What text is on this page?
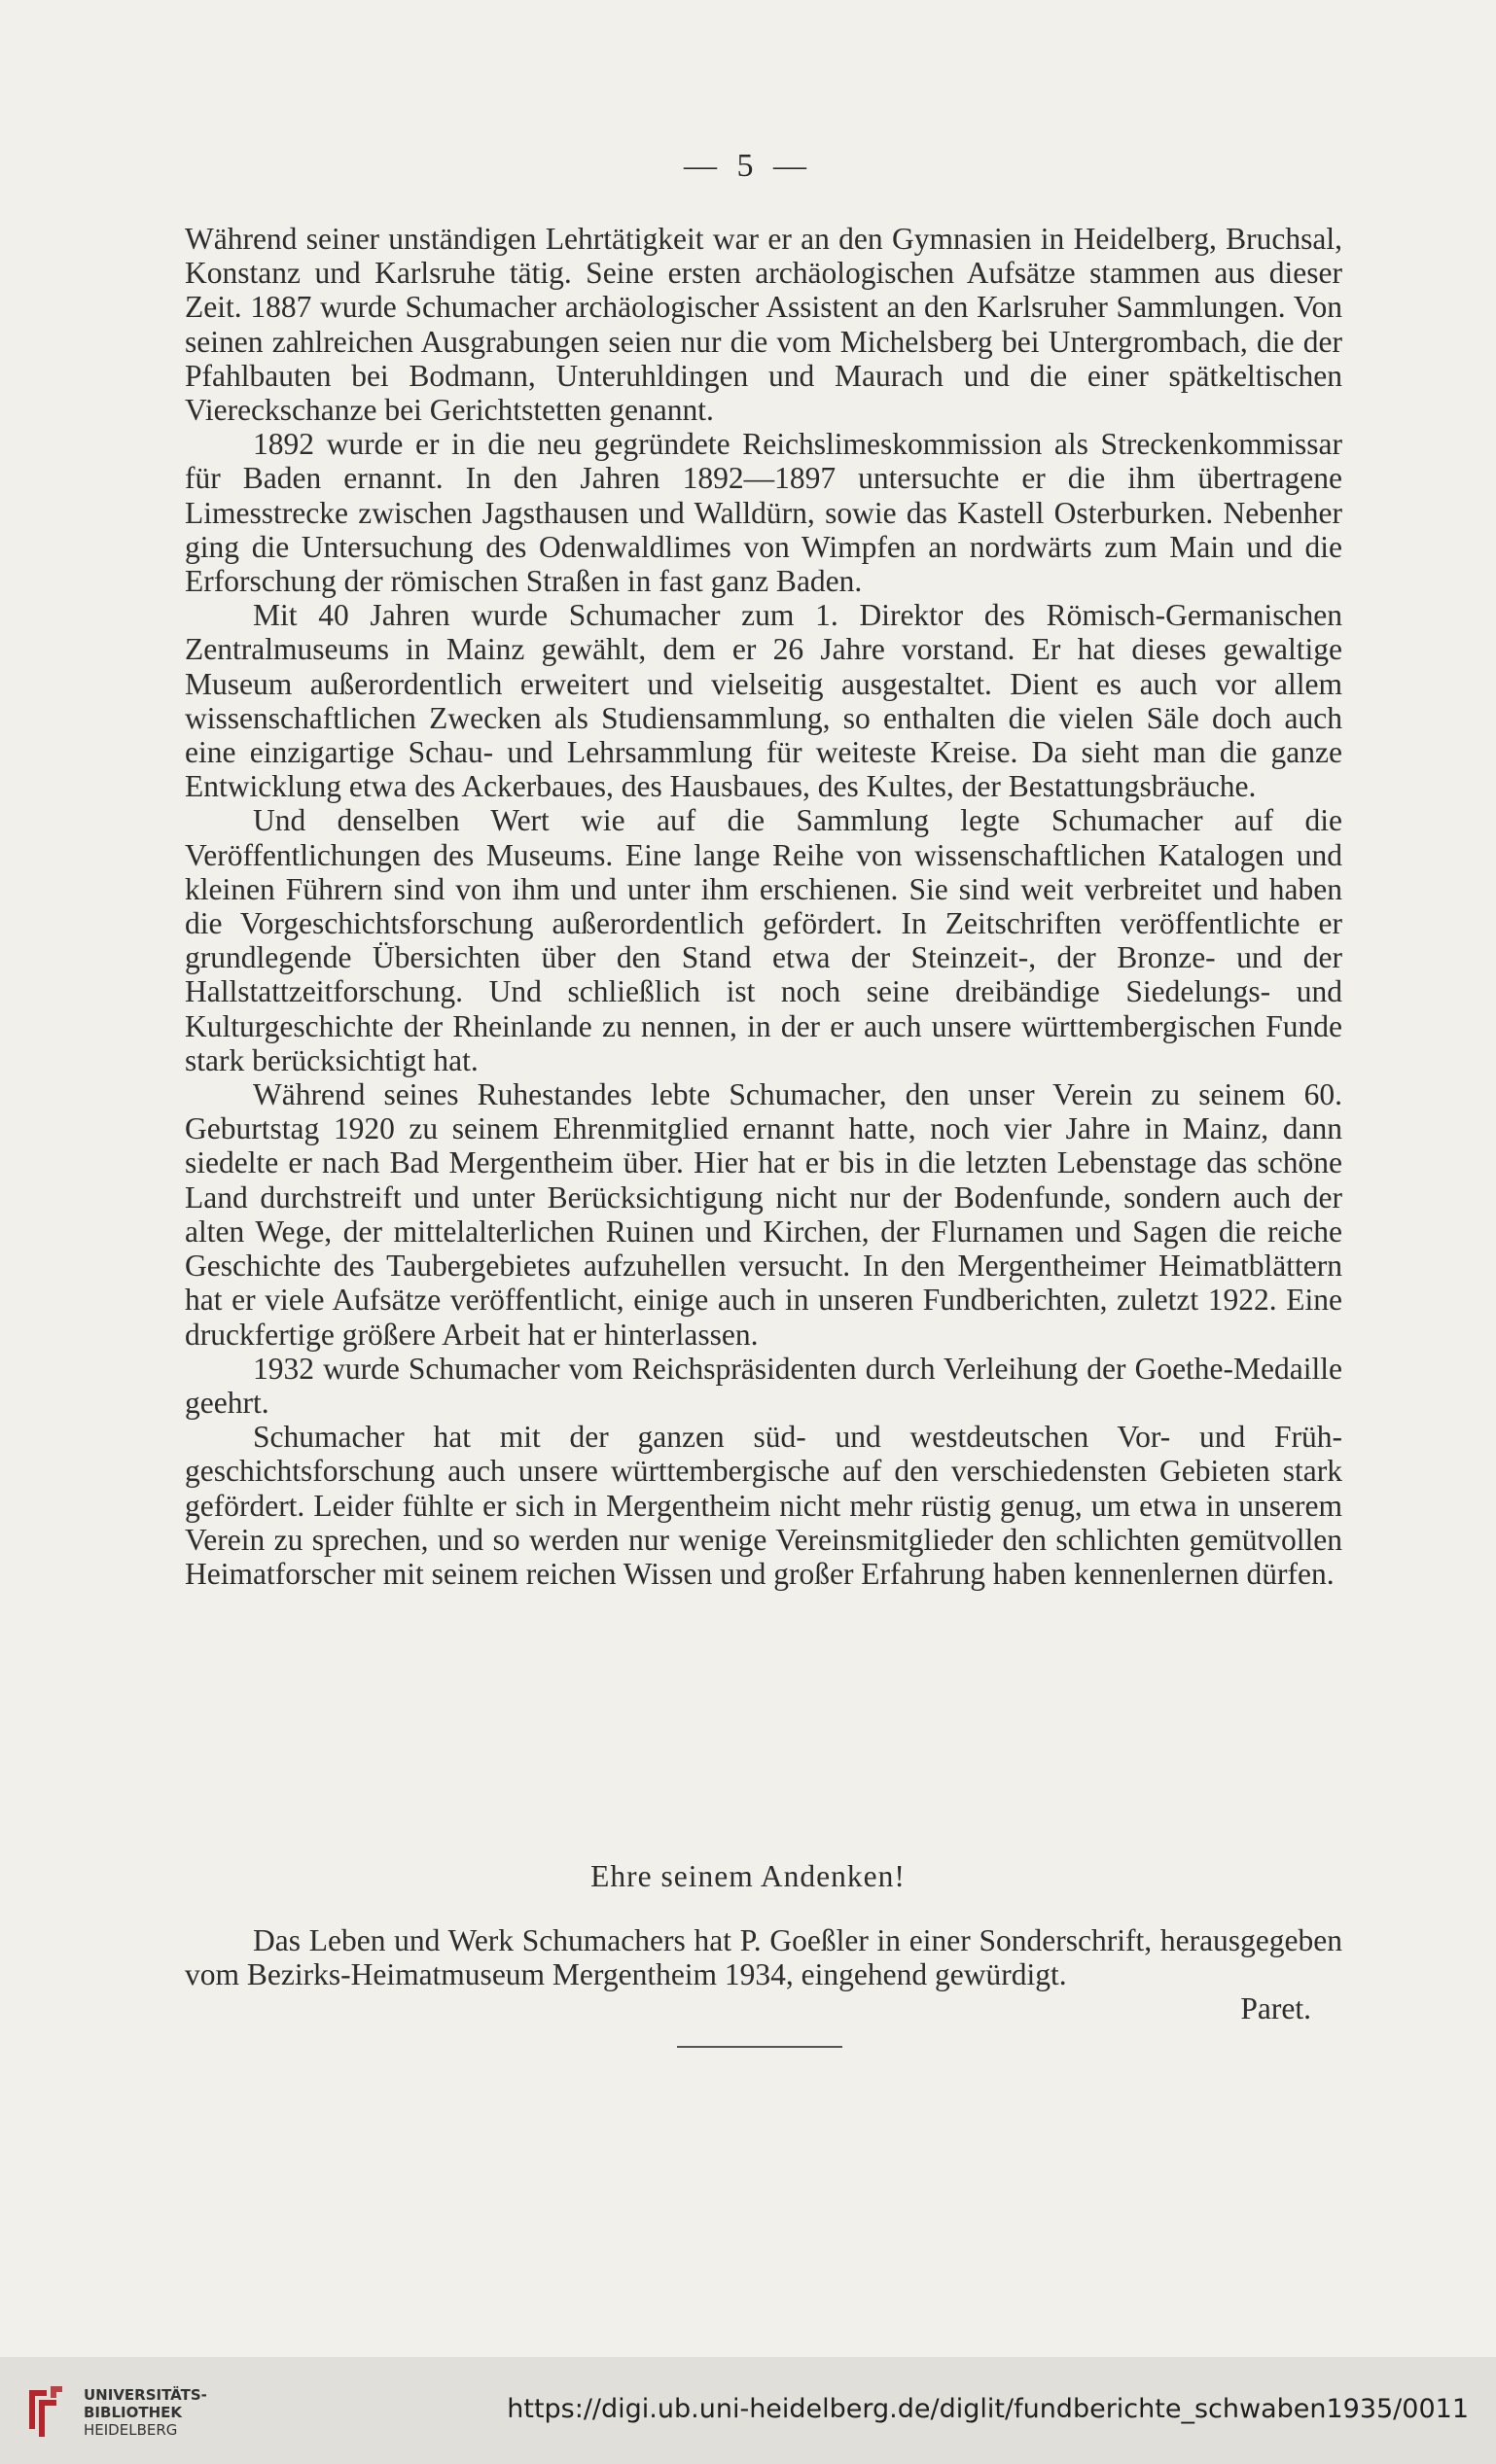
— 5 —

Während seiner unständigen Lehrtätigkeit war er an den Gymnasien in Heidelberg, Bruchsal, Konstanz und Karlsruhe tätig. Seine ersten archäologischen Aufsätze stammen aus dieser Zeit. 1887 wurde Schumacher archäologischer Assistent an den Karlsruher Sammlungen. Von seinen zahlreichen Ausgrabungen seien nur die vom Michelsberg bei Untergrombach, die der Pfahlbauten bei Bodmann, Unteruhldingen und Maurach und die einer spätkeltischen Viereckschanze bei Gerichtstetten genannt.

1892 wurde er in die neu gegründete Reichslimeskommission als Streckenkommissar für Baden ernannt. In den Jahren 1892—1897 untersuchte er die ihm übertragene Limesstrecke zwischen Jagsthausen und Walldürn, sowie das Kastell Osterburken. Nebenher ging die Untersuchung des Odenwaldlimes von Wimpfen an nordwärts zum Main und die Erforschung der römischen Straßen in fast ganz Baden.

Mit 40 Jahren wurde Schumacher zum 1. Direktor des Römisch-Germanischen Zentralmuseums in Mainz gewählt, dem er 26 Jahre vorstand. Er hat dieses gewaltige Museum außerordentlich erweitert und vielseitig ausgestaltet. Dient es auch vor allem wissenschaftlichen Zwecken als Studiensammlung, so enthalten die vielen Säle doch auch eine einzigartige Schau- und Lehrsammlung für weiteste Kreise. Da sieht man die ganze Entwicklung etwa des Ackerbaues, des Hausbaues, des Kultes, der Bestattungsbräuche.

Und denselben Wert wie auf die Sammlung legte Schumacher auf die Veröffentlichungen des Museums. Eine lange Reihe von wissenschaftlichen Katalogen und kleinen Führern sind von ihm und unter ihm erschienen. Sie sind weit verbreitet und haben die Vorgeschichtsforschung außerordentlich gefördert. In Zeitschriften veröffentlichte er grundlegende Übersichten über den Stand etwa der Steinzeit-, der Bronze- und der Hallstattzeitforschung. Und schließlich ist noch seine dreibändige Siedelungs- und Kulturgeschichte der Rheinlande zu nennen, in der er auch unsere württembergischen Funde stark berücksichtigt hat.

Während seines Ruhestandes lebte Schumacher, den unser Verein zu seinem 60. Geburtstag 1920 zu seinem Ehrenmitglied ernannt hatte, noch vier Jahre in Mainz, dann siedelte er nach Bad Mergentheim über. Hier hat er bis in die letzten Lebenstage das schöne Land durchstreift und unter Berücksichtigung nicht nur der Bodenfunde, sondern auch der alten Wege, der mittelalterlichen Ruinen und Kirchen, der Flurnamen und Sagen die reiche Geschichte des Taubergebietes aufzuhellen versucht. In den Mergentheimer Heimatblättern hat er viele Aufsätze veröffentlicht, einige auch in unseren Fundberichten, zuletzt 1922. Eine druckfertige größere Arbeit hat er hinterlassen.

1932 wurde Schumacher vom Reichspräsidenten durch Verleihung der Goethe-Medaille geehrt.

Schumacher hat mit der ganzen süd- und westdeutschen Vor- und Frühgeschichtsforschung auch unsere württembergische auf den verschiedensten Gebieten stark gefördert. Leider fühlte er sich in Mergentheim nicht mehr rüstig genug, um etwa in unserem Verein zu sprechen, und so werden nur wenige Vereinsmitglieder den schlichten gemütvollen Heimatforscher mit seinem reichen Wissen und großer Erfahrung haben kennenlernen dürfen.

Ehre seinem Andenken!

Das Leben und Werk Schumachers hat P. Goeßler in einer Sonderschrift, herausgegeben vom Bezirks-Heimatmuseum Mergentheim 1934, eingehend gewürdigt.

Paret.
UNIVERSITÄTS-
BIBLIOTHEK
HEIDELBERG
https://digi.ub.uni-heidelberg.de/diglit/fundberichte_schwaben1935/0011
